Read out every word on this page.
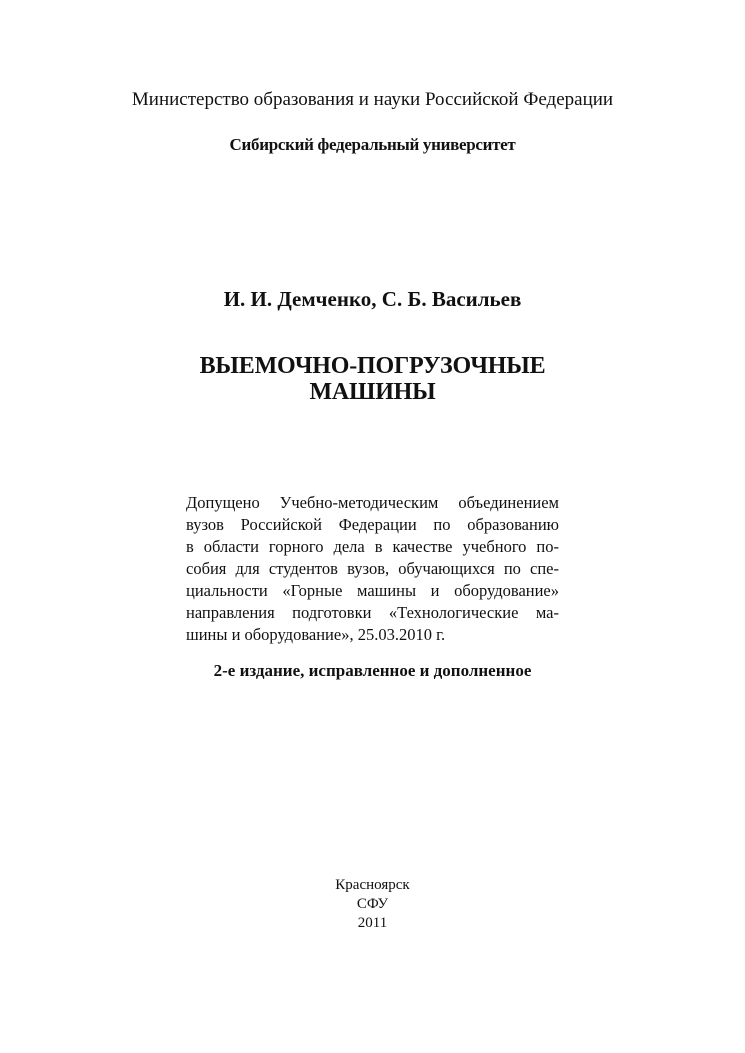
Министерство образования и науки Российской Федерации
Сибирский федеральный университет
И. И. Демченко, С. Б. Васильев
ВЫЕМОЧНО-ПОГРУЗОЧНЫЕ
МАШИНЫ
Допущено Учебно-методическим объединением
вузов Российской Федерации по образованию
в области горного дела в качестве учебного по-
собия для студентов вузов, обучающихся по спе-
циальности «Горные машины и оборудование»
направления подготовки «Технологические ма-
шины и оборудование», 25.03.2010 г.
2-е издание, исправленное и дополненное
Красноярск
СФУ
2011
